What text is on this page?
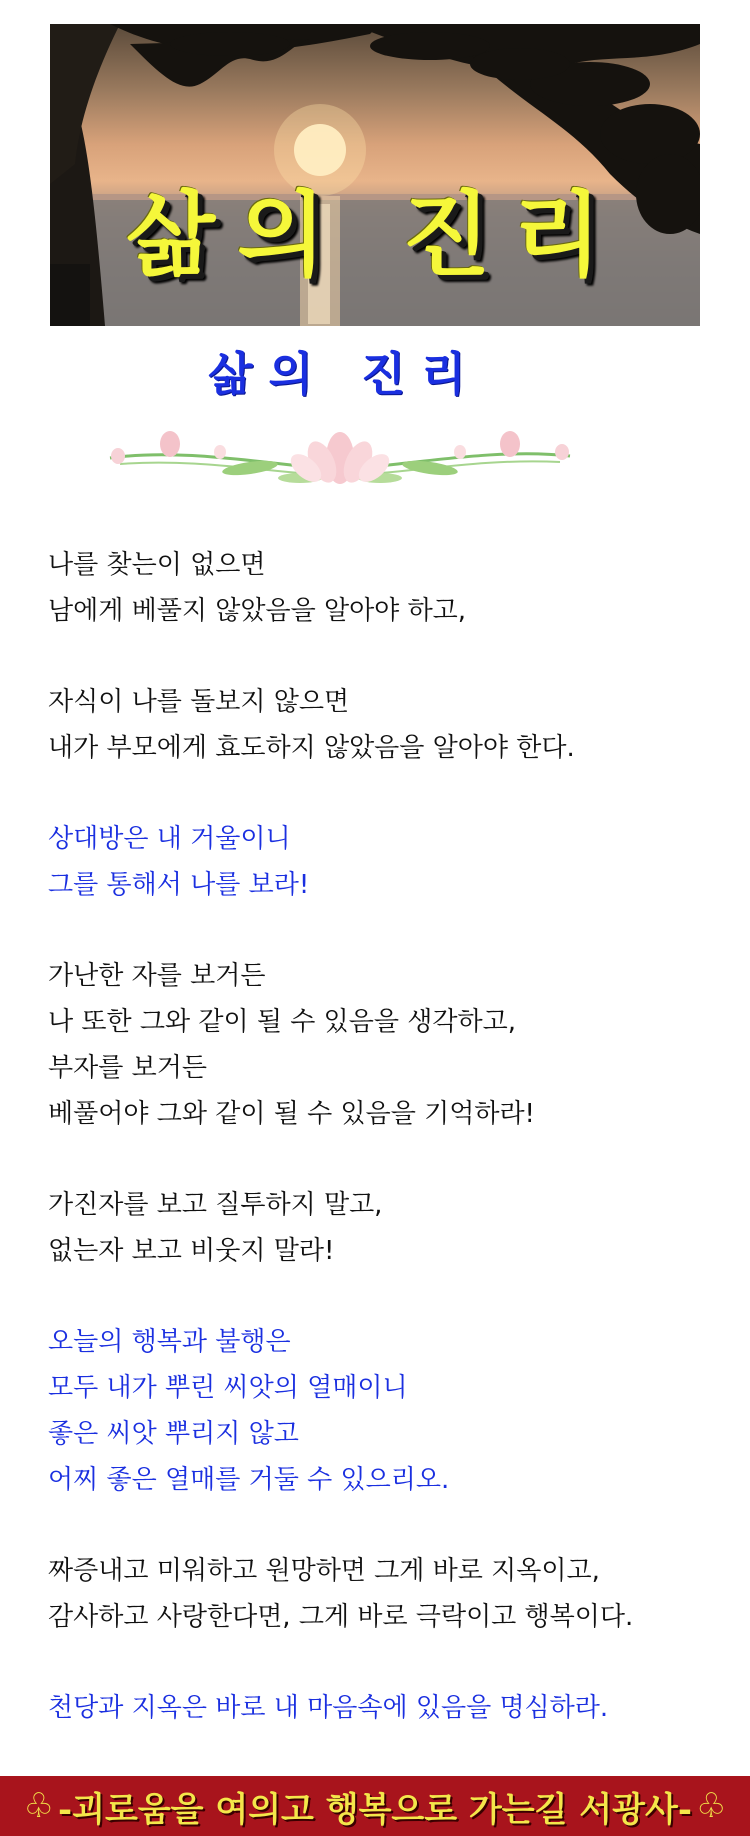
삶의 진리
삶의 진리
나를 찾는이 없으면
남에게 베풀지 않았음을 알아야 하고,
자식이 나를 돌보지 않으면
내가 부모에게 효도하지 않았음을 알아야 한다.
상대방은 내 거울이니
그를 통해서 나를 보라!
가난한 자를 보거든
나 또한 그와 같이 될 수 있음을 생각하고,
부자를 보거든
베풀어야 그와 같이 될 수 있음을 기억하라!
가진자를 보고 질투하지 말고,
없는자 보고 비웃지 말라!
오늘의 행복과 불행은
모두 내가 뿌린 씨앗의 열매이니
좋은 씨앗 뿌리지 않고
어찌 좋은 열매를 거둘 수 있으리오.
짜증내고 미워하고 원망하면 그게 바로 지옥이고,
감사하고 사랑한다면, 그게 바로 극락이고 행복이다.
천당과 지옥은 바로 내 마음속에 있음을 명심하라.
♧ -괴로움을 여의고 행복으로 가는길 서광사- ♧
